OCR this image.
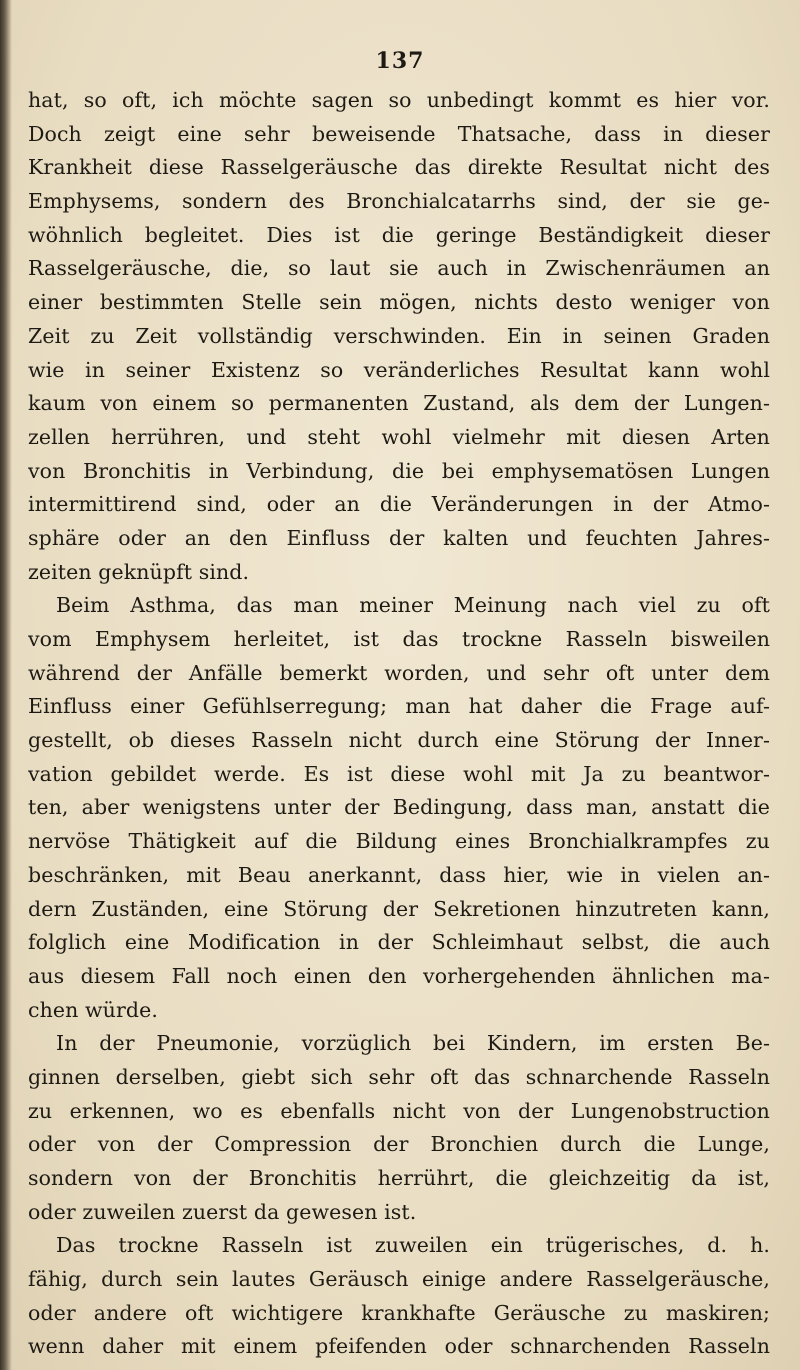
137
hat, so oft, ich möchte sagen so unbedingt kommt es hier vor.
Doch zeigt eine sehr beweisende Thatsache, dass in dieser
Krankheit diese Rasselgeräusche das direkte Resultat nicht des
Emphysems, sondern des Bronchialcatarrhs sind, der sie ge-
wöhnlich begleitet. Dies ist die geringe Beständigkeit dieser
Rasselgeräusche, die, so laut sie auch in Zwischenräumen an
einer bestimmten Stelle sein mögen, nichts desto weniger von
Zeit zu Zeit vollständig verschwinden. Ein in seinen Graden
wie in seiner Existenz so veränderliches Resultat kann wohl
kaum von einem so permanenten Zustand, als dem der Lungen-
zellen herrühren, und steht wohl vielmehr mit diesen Arten
von Bronchitis in Verbindung, die bei emphysematösen Lungen
intermittirend sind, oder an die Veränderungen in der Atmo-
sphäre oder an den Einfluss der kalten und feuchten Jahres-
zeiten geknüpft sind.
Beim Asthma, das man meiner Meinung nach viel zu oft
vom Emphysem herleitet, ist das trockne Rasseln bisweilen
während der Anfälle bemerkt worden, und sehr oft unter dem
Einfluss einer Gefühlserregung; man hat daher die Frage auf-
gestellt, ob dieses Rasseln nicht durch eine Störung der Inner-
vation gebildet werde. Es ist diese wohl mit Ja zu beantwor-
ten, aber wenigstens unter der Bedingung, dass man, anstatt die
nervöse Thätigkeit auf die Bildung eines Bronchialkrampfes zu
beschränken, mit Beau anerkannt, dass hier, wie in vielen an-
dern Zuständen, eine Störung der Sekretionen hinzutreten kann,
folglich eine Modification in der Schleimhaut selbst, die auch
aus diesem Fall noch einen den vorhergehenden ähnlichen ma-
chen würde.
In der Pneumonie, vorzüglich bei Kindern, im ersten Be-
ginnen derselben, giebt sich sehr oft das schnarchende Rasseln
zu erkennen, wo es ebenfalls nicht von der Lungenobstruction
oder von der Compression der Bronchien durch die Lunge,
sondern von der Bronchitis herrührt, die gleichzeitig da ist,
oder zuweilen zuerst da gewesen ist.
Das trockne Rasseln ist zuweilen ein trügerisches, d. h.
fähig, durch sein lautes Geräusch einige andere Rasselgeräusche,
oder andere oft wichtigere krankhafte Geräusche zu maskiren;
wenn daher mit einem pfeifenden oder schnarchenden Rasseln
